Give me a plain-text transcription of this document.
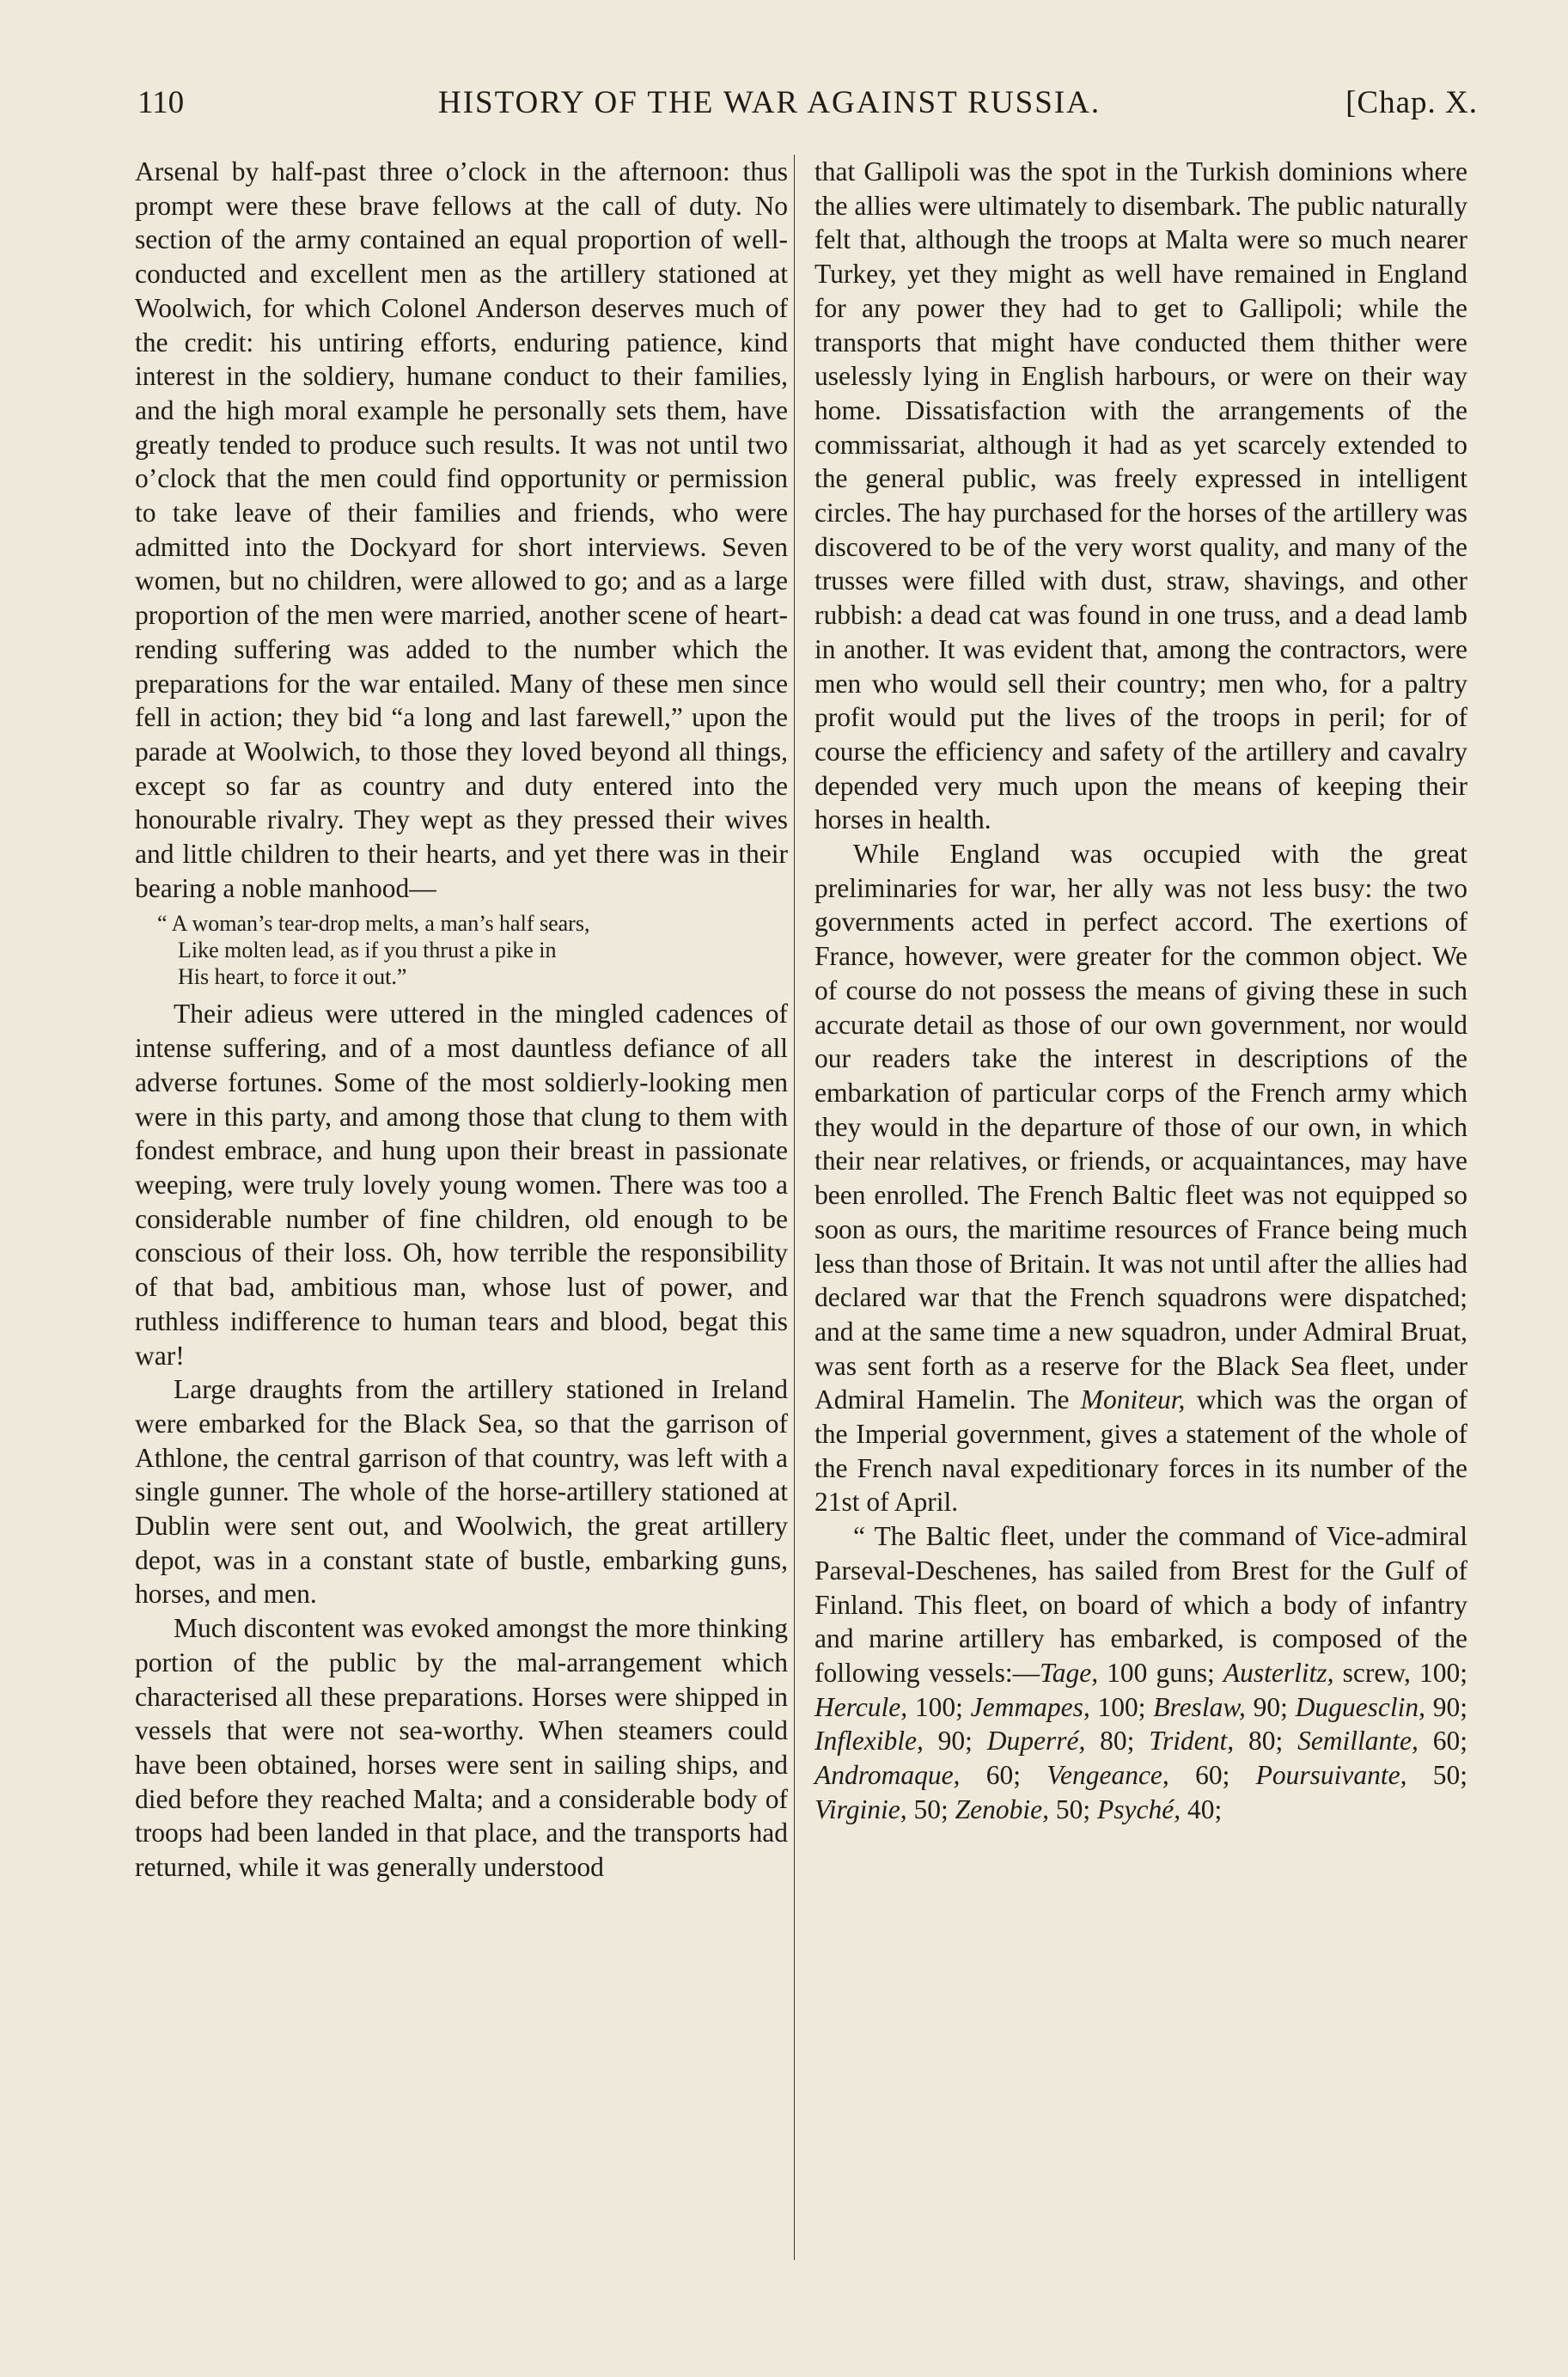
110	HISTORY OF THE WAR AGAINST RUSSIA.	[Chap. X.

Arsenal by half-past three o’clock in the afternoon: thus prompt were these brave fellows at the call of duty. No section of the army contained an equal proportion of well-conducted and excellent men as the artillery stationed at Woolwich, for which Colonel Anderson deserves much of the credit: his untiring efforts, enduring patience, kind interest in the soldiery, humane conduct to their families, and the high moral example he personally sets them, have greatly tended to produce such results. It was not until two o’clock that the men could find opportunity or permission to take leave of their families and friends, who were admitted into the Dockyard for short interviews. Seven women, but no children, were allowed to go; and as a large proportion of the men were married, another scene of heart-rending suffering was added to the number which the preparations for the war entailed. Many of these men since fell in action; they bid “a long and last farewell,” upon the parade at Woolwich, to those they loved beyond all things, except so far as country and duty entered into the honourable rivalry. They wept as they pressed their wives and little children to their hearts, and yet there was in their bearing a noble manhood—

“ A woman’s tear-drop melts, a man’s half sears,
Like molten lead, as if you thrust a pike in
His heart, to force it out.”

Their adieus were uttered in the mingled cadences of intense suffering, and of a most dauntless defiance of all adverse fortunes. Some of the most soldierly-looking men were in this party, and among those that clung to them with fondest embrace, and hung upon their breast in passionate weeping, were truly lovely young women. There was too a considerable number of fine children, old enough to be conscious of their loss. Oh, how terrible the responsibility of that bad, ambitious man, whose lust of power, and ruthless indifference to human tears and blood, begat this war!

Large draughts from the artillery stationed in Ireland were embarked for the Black Sea, so that the garrison of Athlone, the central garrison of that country, was left with a single gunner. The whole of the horse-artillery stationed at Dublin were sent out, and Woolwich, the great artillery depot, was in a constant state of bustle, embarking guns, horses, and men.

Much discontent was evoked amongst the more thinking portion of the public by the mal-arrangement which characterised all these preparations. Horses were shipped in vessels that were not sea-worthy. When steamers could have been obtained, horses were sent in sailing ships, and died before they reached Malta; and a considerable body of troops had been landed in that place, and the transports had returned, while it was generally understood

that Gallipoli was the spot in the Turkish dominions where the allies were ultimately to disembark. The public naturally felt that, although the troops at Malta were so much nearer Turkey, yet they might as well have remained in England for any power they had to get to Gallipoli; while the transports that might have conducted them thither were uselessly lying in English harbours, or were on their way home. Dissatisfaction with the arrangements of the commissariat, although it had as yet scarcely extended to the general public, was freely expressed in intelligent circles. The hay purchased for the horses of the artillery was discovered to be of the very worst quality, and many of the trusses were filled with dust, straw, shavings, and other rubbish: a dead cat was found in one truss, and a dead lamb in another. It was evident that, among the contractors, were men who would sell their country; men who, for a paltry profit would put the lives of the troops in peril; for of course the efficiency and safety of the artillery and cavalry depended very much upon the means of keeping their horses in health.

While England was occupied with the great preliminaries for war, her ally was not less busy: the two governments acted in perfect accord. The exertions of France, however, were greater for the common object. We of course do not possess the means of giving these in such accurate detail as those of our own government, nor would our readers take the interest in descriptions of the embarkation of particular corps of the French army which they would in the departure of those of our own, in which their near relatives, or friends, or acquaintances, may have been enrolled. The French Baltic fleet was not equipped so soon as ours, the maritime resources of France being much less than those of Britain. It was not until after the allies had declared war that the French squadrons were dispatched; and at the same time a new squadron, under Admiral Bruat, was sent forth as a reserve for the Black Sea fleet, under Admiral Hamelin. The Moniteur, which was the organ of the Imperial government, gives a statement of the whole of the French naval expeditionary forces in its number of the 21st of April.

“ The Baltic fleet, under the command of Vice-admiral Parseval-Deschenes, has sailed from Brest for the Gulf of Finland. This fleet, on board of which a body of infantry and marine artillery has embarked, is composed of the following vessels:—Tage, 100 guns; Austerlitz, screw, 100; Hercule, 100; Jemmapes, 100; Breslaw, 90; Duguesclin, 90; Inflexible, 90; Duperré, 80; Trident, 80; Semillante, 60; Andromaque, 60; Vengeance, 60; Poursuivante, 50; Virginie, 50; Zenobie, 50; Psyché, 40;
